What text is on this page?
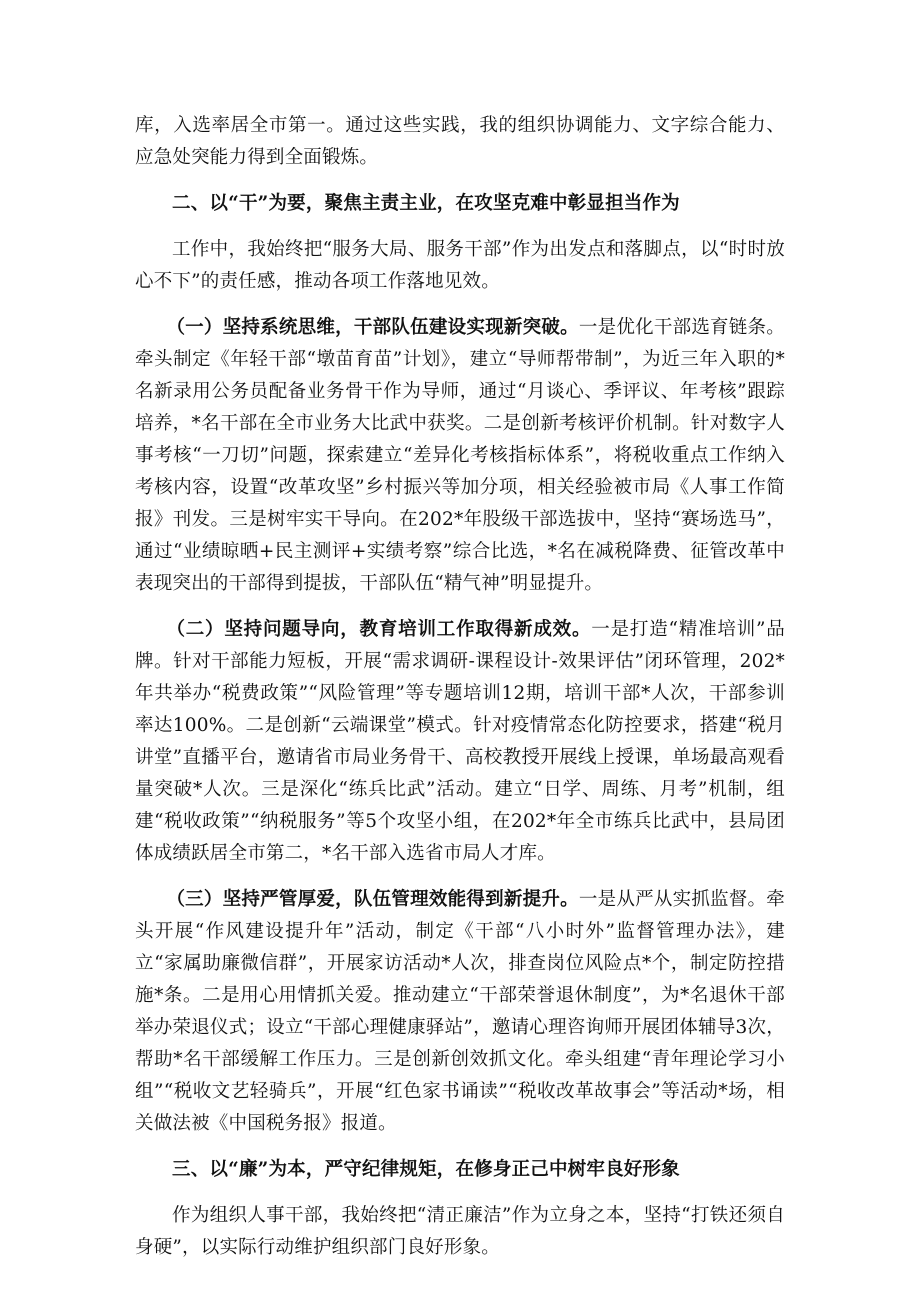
库，入选率居全市第一。通过这些实践，我的组织协调能力、文字综合能力、应急处突能力得到全面锻炼。

二、以“干”为要，聚焦主责主业，在攻坚克难中彰显担当作为

工作中，我始终把“服务大局、服务干部”作为出发点和落脚点，以“时时放心不下”的责任感，推动各项工作落地见效。

（一）坚持系统思维，干部队伍建设实现新突破。一是优化干部选育链条。牵头制定《年轻干部“墩苗育苗”计划》，建立“导师帮带制”，为近三年入职的*名新录用公务员配备业务骨干作为导师，通过“月谈心、季评议、年考核”跟踪培养，*名干部在全市业务大比武中获奖。二是创新考核评价机制。针对数字人事考核“一刀切”问题，探索建立“差异化考核指标体系”，将税收重点工作纳入考核内容，设置“改革攻坚”乡村振兴等加分项，相关经验被市局《人事工作简报》刊发。三是树牢实干导向。在202*年股级干部选拔中，坚持“赛场选马”，通过“业绩晾晒+民主测评+实绩考察”综合比选，*名在减税降费、征管改革中表现突出的干部得到提拔，干部队伍“精气神”明显提升。

（二）坚持问题导向，教育培训工作取得新成效。一是打造“精准培训”品牌。针对干部能力短板，开展“需求调研-课程设计-效果评估”闭环管理，202*年共举办“税费政策”“风险管理”等专题培训12期，培训干部*人次，干部参训率达100%。二是创新“云端课堂”模式。针对疫情常态化防控要求，搭建“税月讲堂”直播平台，邀请省市局业务骨干、高校教授开展线上授课，单场最高观看量突破*人次。三是深化“练兵比武”活动。建立“日学、周练、月考”机制，组建“税收政策”“纳税服务”等5个攻坚小组，在202*年全市练兵比武中，县局团体成绩跃居全市第二，*名干部入选省市局人才库。

（三）坚持严管厚爱，队伍管理效能得到新提升。一是从严从实抓监督。牵头开展“作风建设提升年”活动，制定《干部“八小时外”监督管理办法》，建立“家属助廉微信群”，开展家访活动*人次，排查岗位风险点*个，制定防控措施*条。二是用心用情抓关爱。推动建立“干部荣誉退休制度”，为*名退休干部举办荣退仪式；设立“干部心理健康驿站”，邀请心理咨询师开展团体辅导3次，帮助*名干部缓解工作压力。三是创新创效抓文化。牵头组建“青年理论学习小组”“税收文艺轻骑兵”，开展“红色家书诵读”“税收改革故事会”等活动*场，相关做法被《中国税务报》报道。

三、以“廉”为本，严守纪律规矩，在修身正己中树牢良好形象

作为组织人事干部，我始终把“清正廉洁”作为立身之本，坚持“打铁还须自身硬”，以实际行动维护组织部门良好形象。
